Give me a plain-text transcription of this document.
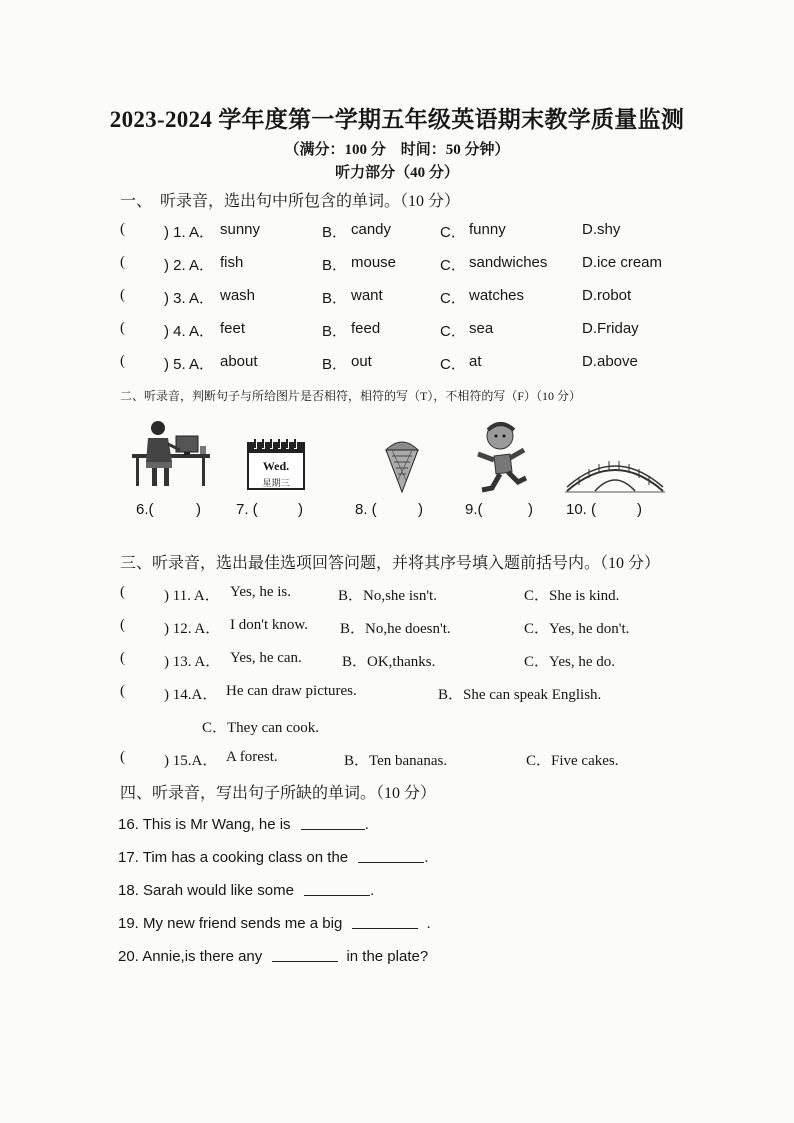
2023-2024 学年度第一学期五年级英语期末教学质量监测
（满分：100 分　时间：50 分钟）
听力部分（40 分）
一、　听录音，选出句中所包含的单词。（10 分）
(	) 1. A． sunny	B． candy	C． funny	D.shy
(	) 2. A． fish	B． mouse	C． sandwiches D.ice cream
(	) 3. A． wash	B． want	C． watches	D.robot
(	) 4. A． feet	B． feed	C． sea	D.Friday
(	) 5. A． about	B． out	C． at	D.above
二、听录音，判断句子与所给图片是否相符，相符的写（T），不相符的写（F）（10 分）
Wed.
星期三
6.(	) 7. (	)	8. (	)	9.(	) 10. (	)
三、听录音，选出最佳选项回答问题，并将其序号填入题前括号内。（10 分）
(	) 11. A． Yes, he is.	B．No,she isn't.	C．She is kind.
(	) 12. A． I don't know. B．No,he doesn't.	C．Yes, he don't.
(	) 13. A． Yes, he can.	B．OK,thanks.	C．Yes, he do.
(	) 14.A． He can draw pictures.	B．She can speak English.
C．They can cook.
(	) 15.A． A forest.	B．Ten bananas.	C．Five cakes.
四、听录音，写出句子所缺的单词。（10 分）
16. This is Mr Wang, he is	.
17. Tim has a cooking class on the	.
18. Sarah would like some	.
19. My new friend sends me a big	.
20. Annie,is there any	in the plate?
